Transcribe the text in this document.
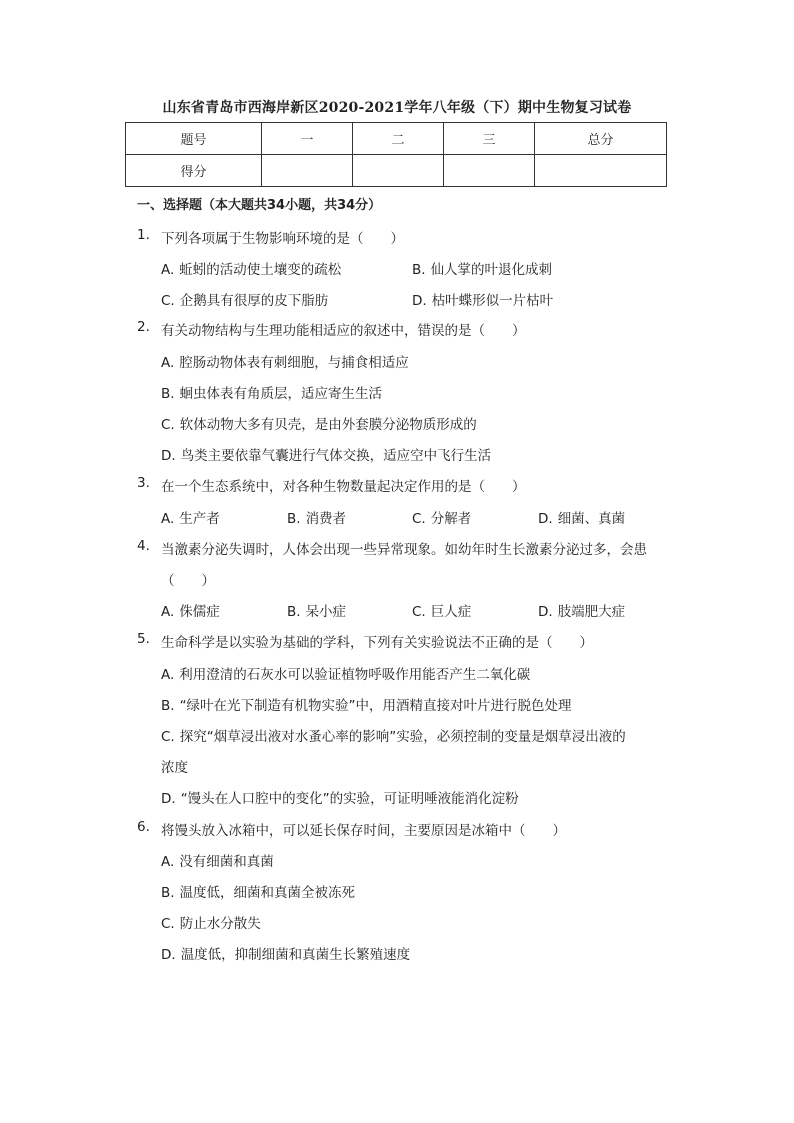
山东省青岛市西海岸新区2020-2021学年八年级（下）期中生物复习试卷
题号	一	二	三	总分
得分				
一、选择题（本大题共34小题，共34分）
1. 下列各项属于生物影响环境的是（　　）
A. 蚯蚓的活动使土壤变的疏松	B. 仙人掌的叶退化成刺
C. 企鹅具有很厚的皮下脂肪	D. 枯叶蝶形似一片枯叶
2. 有关动物结构与生理功能相适应的叙述中，错误的是（　　）
A. 腔肠动物体表有刺细胞，与捕食相适应
B. 蛔虫体表有角质层，适应寄生生活
C. 软体动物大多有贝壳，是由外套膜分泌物质形成的
D. 鸟类主要依靠气囊进行气体交换，适应空中飞行生活
3. 在一个生态系统中，对各种生物数量起决定作用的是（　　）
A. 生产者	B. 消费者	C. 分解者	D. 细菌、真菌
4. 当激素分泌失调时，人体会出现一些异常现象。如幼年时生长激素分泌过多，会患
（　　）
A. 侏儒症	B. 呆小症	C. 巨人症	D. 肢端肥大症
5. 生命科学是以实验为基础的学科，下列有关实验说法不正确的是（　　）
A. 利用澄清的石灰水可以验证植物呼吸作用能否产生二氧化碳
B. “绿叶在光下制造有机物实验”中，用酒精直接对叶片进行脱色处理
C. 探究“烟草浸出液对水蚤心率的影响”实验，必须控制的变量是烟草浸出液的
浓度
D. “馒头在人口腔中的变化”的实验，可证明唾液能消化淀粉
6. 将馒头放入冰箱中，可以延长保存时间，主要原因是冰箱中（　　）
A. 没有细菌和真菌
B. 温度低，细菌和真菌全被冻死
C. 防止水分散失
D. 温度低，抑制细菌和真菌生长繁殖速度
